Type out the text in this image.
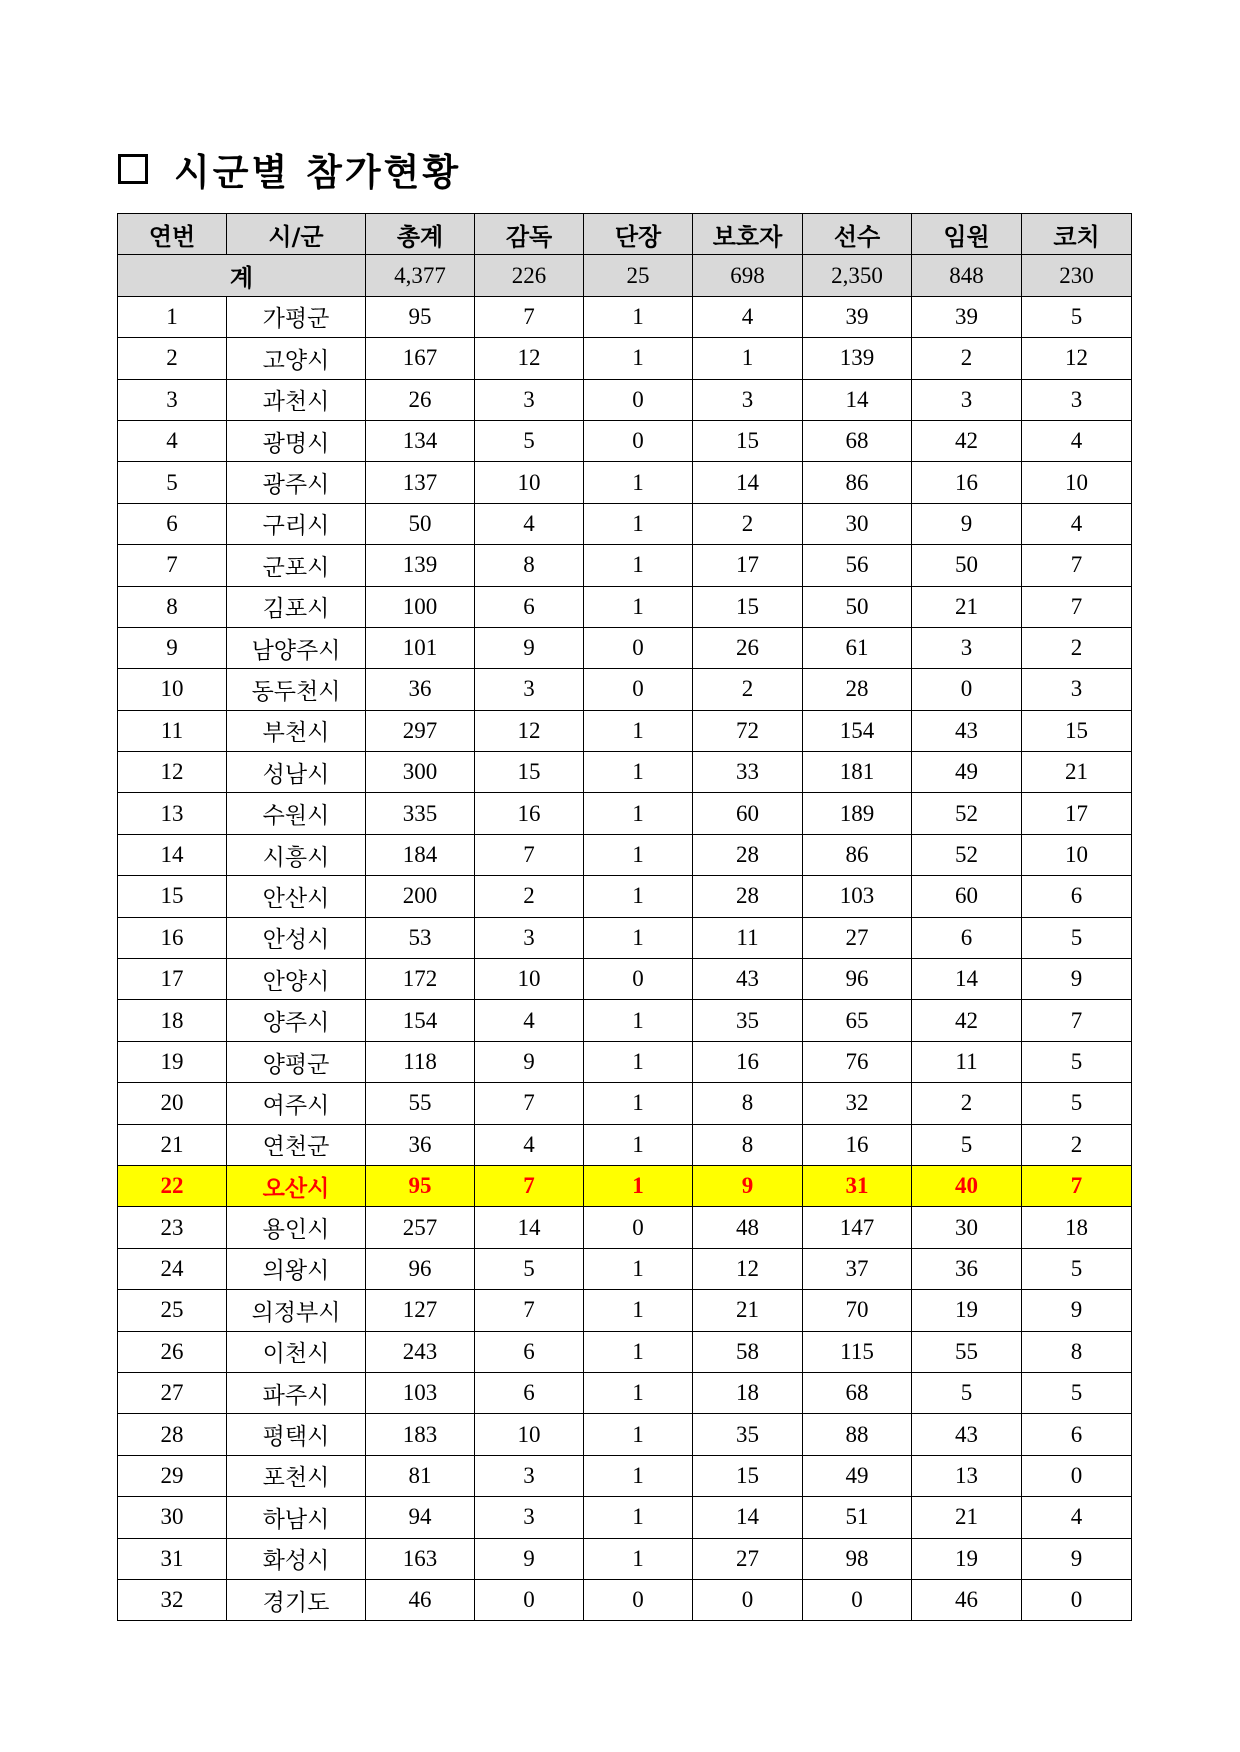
시군별 참가현황
연번	시/군	총계	감독	단장	보호자	선수	임원	코치
계		4,377	226	25	698	2,350	848	230
1	가평군	95	7	1	4	39	39	5
2	고양시	167	12	1	1	139	2	12
3	과천시	26	3	0	3	14	3	3
4	광명시	134	5	0	15	68	42	4
5	광주시	137	10	1	14	86	16	10
6	구리시	50	4	1	2	30	9	4
7	군포시	139	8	1	17	56	50	7
8	김포시	100	6	1	15	50	21	7
9	남양주시	101	9	0	26	61	3	2
10	동두천시	36	3	0	2	28	0	3
11	부천시	297	12	1	72	154	43	15
12	성남시	300	15	1	33	181	49	21
13	수원시	335	16	1	60	189	52	17
14	시흥시	184	7	1	28	86	52	10
15	안산시	200	2	1	28	103	60	6
16	안성시	53	3	1	11	27	6	5
17	안양시	172	10	0	43	96	14	9
18	양주시	154	4	1	35	65	42	7
19	양평군	118	9	1	16	76	11	5
20	여주시	55	7	1	8	32	2	5
21	연천군	36	4	1	8	16	5	2
22	오산시	95	7	1	9	31	40	7
23	용인시	257	14	0	48	147	30	18
24	의왕시	96	5	1	12	37	36	5
25	의정부시	127	7	1	21	70	19	9
26	이천시	243	6	1	58	115	55	8
27	파주시	103	6	1	18	68	5	5
28	평택시	183	10	1	35	88	43	6
29	포천시	81	3	1	15	49	13	0
30	하남시	94	3	1	14	51	21	4
31	화성시	163	9	1	27	98	19	9
32	경기도	46	0	0	0	0	46	0
